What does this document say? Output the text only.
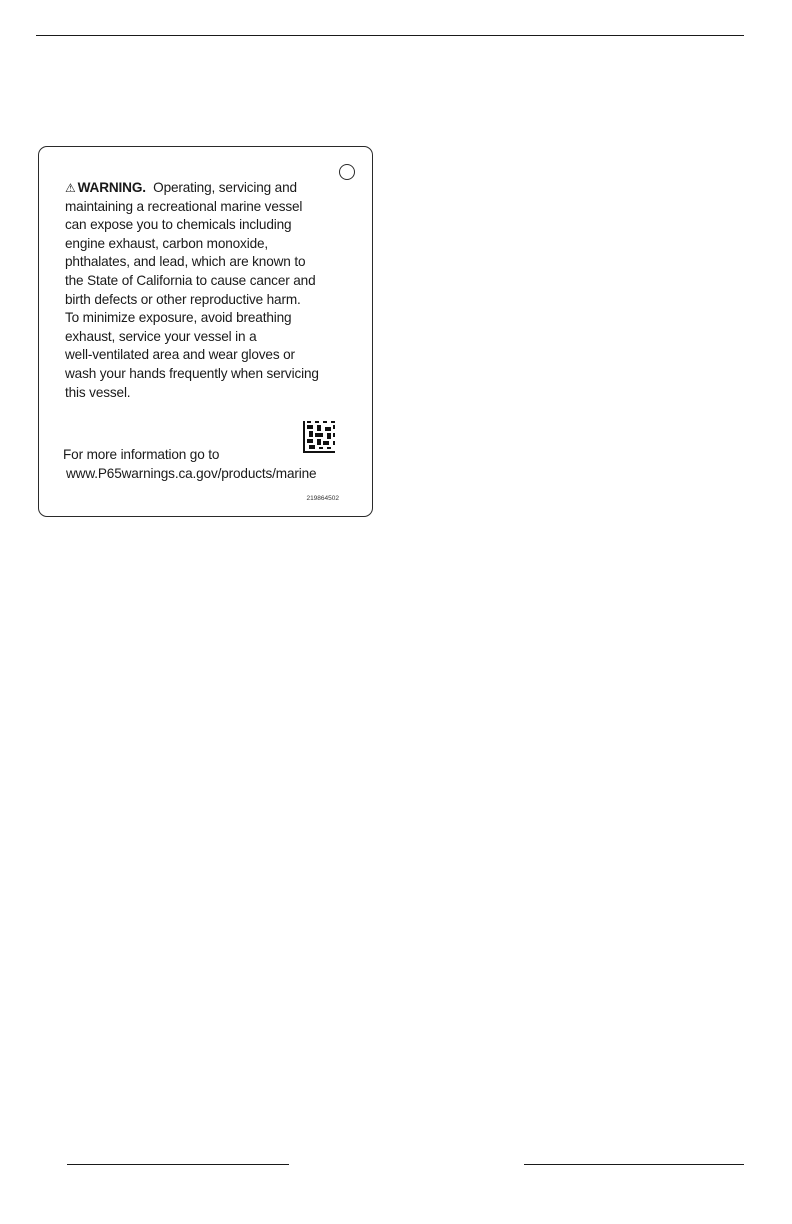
⚠ WARNING. Operating, servicing and
maintaining a recreational marine vessel
can expose you to chemicals including
engine exhaust, carbon monoxide,
phthalates, and lead, which are known to
the State of California to cause cancer and
birth defects or other reproductive harm.
To minimize exposure, avoid breathing
exhaust, service your vessel in a
well-ventilated area and wear gloves or
wash your hands frequently when servicing
this vessel.
For more information go to
www.P65warnings.ca.gov/products/marine
219864502
